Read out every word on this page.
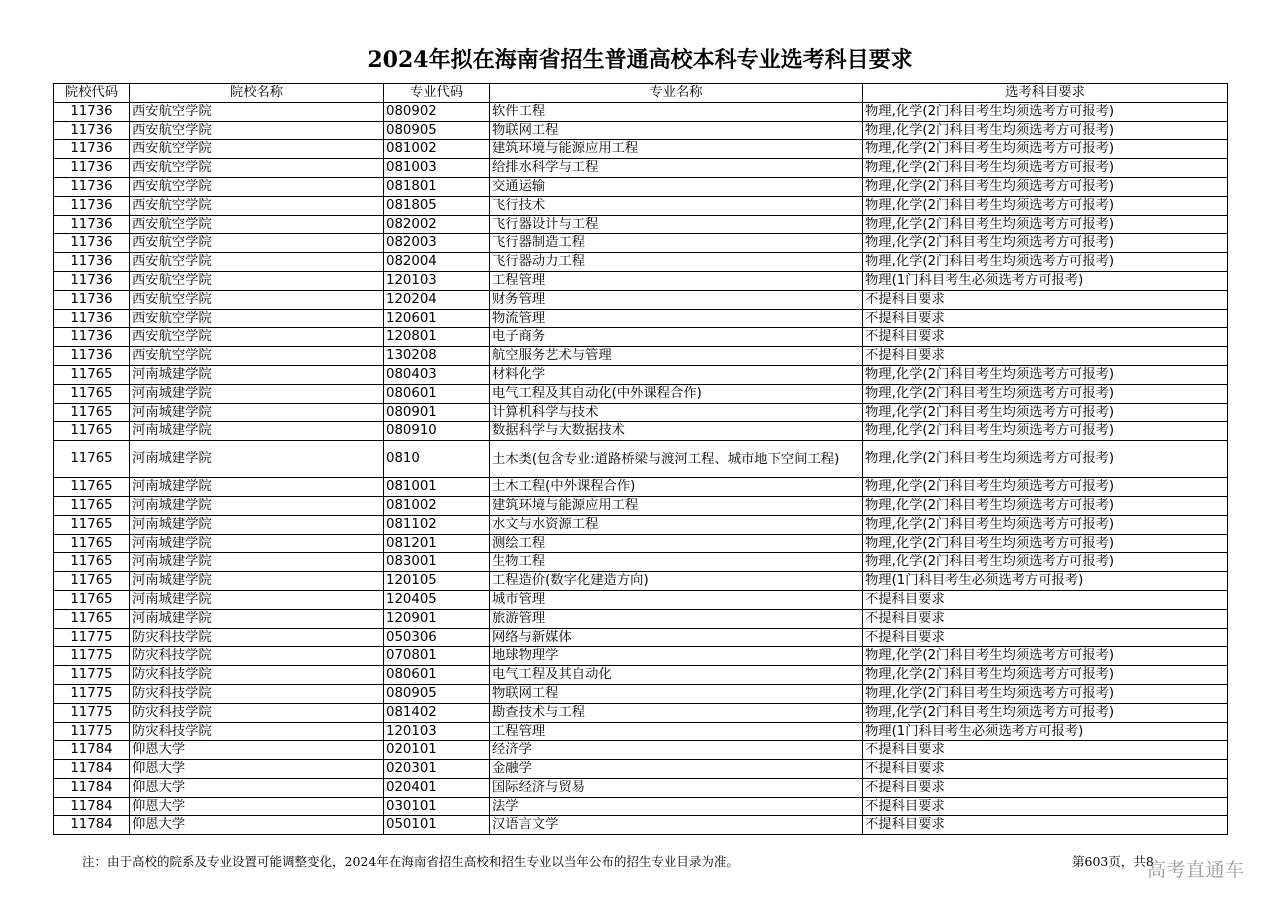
2024年拟在海南省招生普通高校本科专业选考科目要求
院校代码	院校名称	专业代码	专业名称	选考科目要求
11736	西安航空学院	080902	软件工程	物理,化学(2门科目考生均须选考方可报考)
11736	西安航空学院	080905	物联网工程	物理,化学(2门科目考生均须选考方可报考)
11736	西安航空学院	081002	建筑环境与能源应用工程	物理,化学(2门科目考生均须选考方可报考)
11736	西安航空学院	081003	给排水科学与工程	物理,化学(2门科目考生均须选考方可报考)
11736	西安航空学院	081801	交通运输	物理,化学(2门科目考生均须选考方可报考)
11736	西安航空学院	081805	飞行技术	物理,化学(2门科目考生均须选考方可报考)
11736	西安航空学院	082002	飞行器设计与工程	物理,化学(2门科目考生均须选考方可报考)
11736	西安航空学院	082003	飞行器制造工程	物理,化学(2门科目考生均须选考方可报考)
11736	西安航空学院	082004	飞行器动力工程	物理,化学(2门科目考生均须选考方可报考)
11736	西安航空学院	120103	工程管理	物理(1门科目考生必须选考方可报考)
11736	西安航空学院	120204	财务管理	不提科目要求
11736	西安航空学院	120601	物流管理	不提科目要求
11736	西安航空学院	120801	电子商务	不提科目要求
11736	西安航空学院	130208	航空服务艺术与管理	不提科目要求
11765	河南城建学院	080403	材料化学	物理,化学(2门科目考生均须选考方可报考)
11765	河南城建学院	080601	电气工程及其自动化(中外课程合作)	物理,化学(2门科目考生均须选考方可报考)
11765	河南城建学院	080901	计算机科学与技术	物理,化学(2门科目考生均须选考方可报考)
11765	河南城建学院	080910	数据科学与大数据技术	物理,化学(2门科目考生均须选考方可报考)
11765	河南城建学院	0810	土木类(包含专业:道路桥梁与渡河工程、城市地下空间工程)	物理,化学(2门科目考生均须选考方可报考)
11765	河南城建学院	081001	土木工程(中外课程合作)	物理,化学(2门科目考生均须选考方可报考)
11765	河南城建学院	081002	建筑环境与能源应用工程	物理,化学(2门科目考生均须选考方可报考)
11765	河南城建学院	081102	水文与水资源工程	物理,化学(2门科目考生均须选考方可报考)
11765	河南城建学院	081201	测绘工程	物理,化学(2门科目考生均须选考方可报考)
11765	河南城建学院	083001	生物工程	物理,化学(2门科目考生均须选考方可报考)
11765	河南城建学院	120105	工程造价(数字化建造方向)	物理(1门科目考生必须选考方可报考)
11765	河南城建学院	120405	城市管理	不提科目要求
11765	河南城建学院	120901	旅游管理	不提科目要求
11775	防灾科技学院	050306	网络与新媒体	不提科目要求
11775	防灾科技学院	070801	地球物理学	物理,化学(2门科目考生均须选考方可报考)
11775	防灾科技学院	080601	电气工程及其自动化	物理,化学(2门科目考生均须选考方可报考)
11775	防灾科技学院	080905	物联网工程	物理,化学(2门科目考生均须选考方可报考)
11775	防灾科技学院	081402	勘查技术与工程	物理,化学(2门科目考生均须选考方可报考)
11775	防灾科技学院	120103	工程管理	物理(1门科目考生必须选考方可报考)
11784	仰恩大学	020101	经济学	不提科目要求
11784	仰恩大学	020301	金融学	不提科目要求
11784	仰恩大学	020401	国际经济与贸易	不提科目要求
11784	仰恩大学	030101	法学	不提科目要求
11784	仰恩大学	050101	汉语言文学	不提科目要求
注：由于高校的院系及专业设置可能调整变化，2024年在海南省招生高校和招生专业以当年公布的招生专业目录为准。	第603页，共8
高考直通车
